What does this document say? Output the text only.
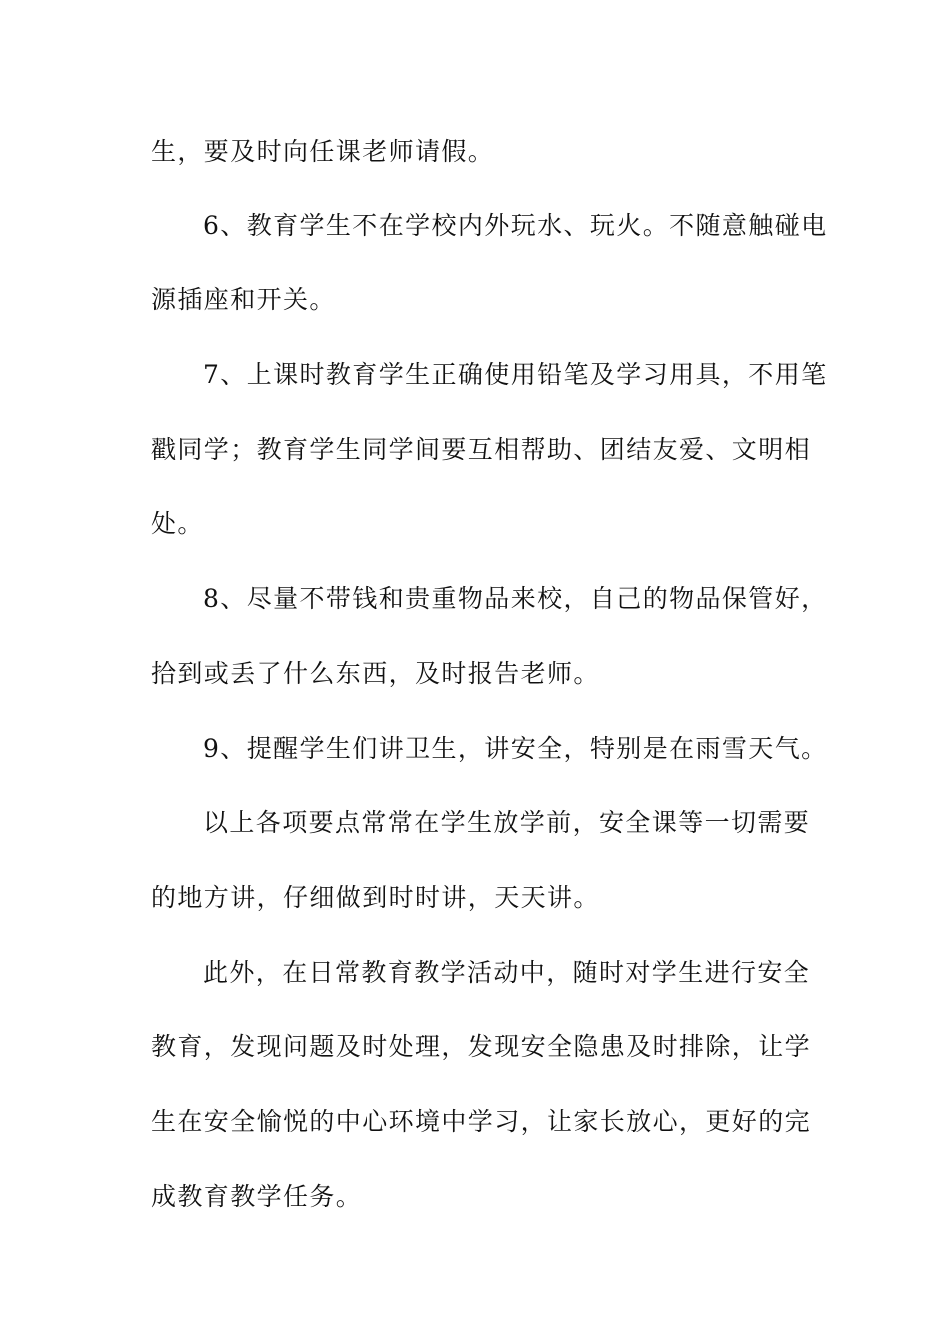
生，要及时向任课老师请假。
6、教育学生不在学校内外玩水、玩火。不随意触碰电
源插座和开关。
7、上课时教育学生正确使用铅笔及学习用具，不用笔
戳同学；教育学生同学间要互相帮助、团结友爱、文明相
处。
8、尽量不带钱和贵重物品来校，自己的物品保管好，
拾到或丢了什么东西，及时报告老师。
9、提醒学生们讲卫生，讲安全，特别是在雨雪天气。
以上各项要点常常在学生放学前，安全课等一切需要
的地方讲，仔细做到时时讲，天天讲。
此外，在日常教育教学活动中，随时对学生进行安全
教育，发现问题及时处理，发现安全隐患及时排除，让学
生在安全愉悦的中心环境中学习，让家长放心，更好的完
成教育教学任务。
